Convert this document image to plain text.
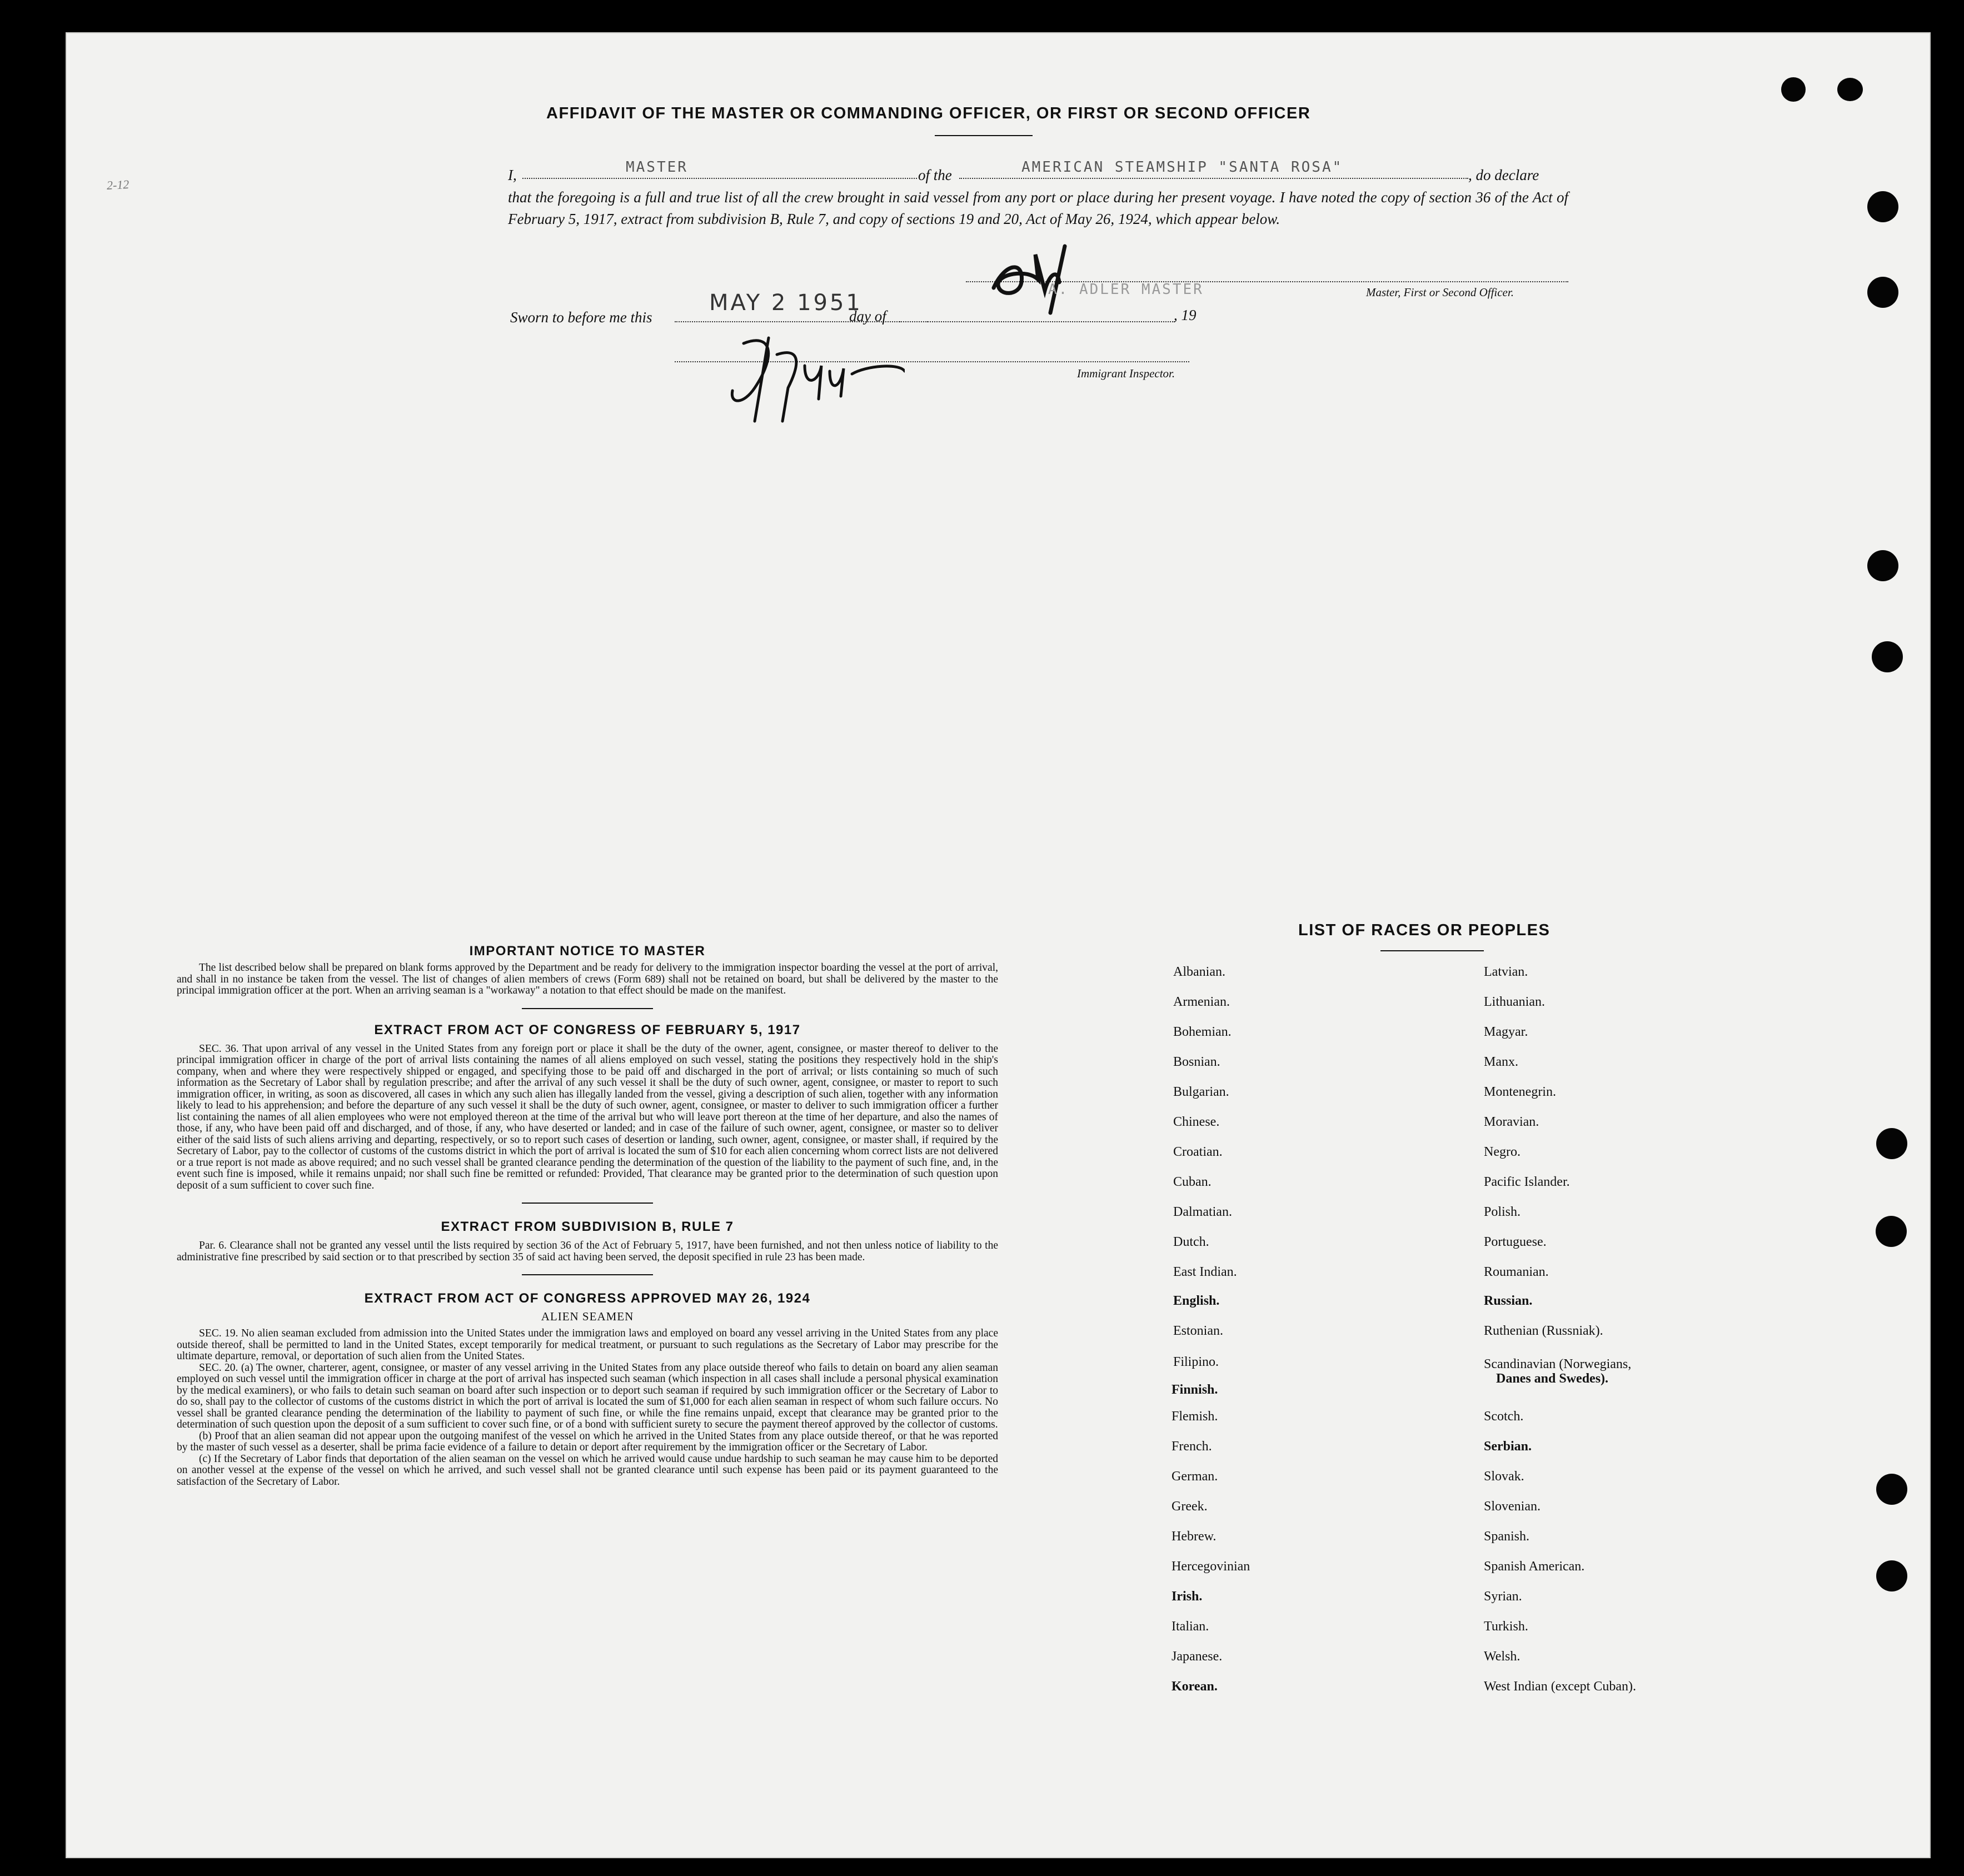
2-12
AFFIDAVIT OF THE MASTER OR COMMANDING OFFICER, OR FIRST OR SECOND OFFICER
I,	MASTER	of the	AMERICAN STEAMSHIP "SANTA ROSA"	, do declare
that the foregoing is a full and true list of all the crew brought in said vessel from any port or place during her present voyage. I have noted the copy of section 36 of the Act of February 5, 1917, extract from subdivision B, Rule 7, and copy of sections 19 and 20, Act of May 26, 1924, which appear below.
A. ADLER MASTER	Master, First or Second Officer.
Sworn to before me this
MAY 2 1951
day of	, 19
Immigrant Inspector.

IMPORTANT NOTICE TO MASTER

The list described below shall be prepared on blank forms approved by the Department and be ready for delivery to the immigration inspector boarding the vessel at the port of arrival, and shall in no instance be taken from the vessel. The list of changes of alien members of crews (Form 689) shall not be retained on board, but shall be delivered by the master to the principal immigration officer at the port. When an arriving seaman is a "workaway" a notation to that effect should be made on the manifest.

EXTRACT FROM ACT OF CONGRESS OF FEBRUARY 5, 1917

SEC. 36. That upon arrival of any vessel in the United States from any foreign port or place it shall be the duty of the owner, agent, consignee, or master thereof to deliver to the principal immigration officer in charge of the port of arrival lists containing the names of all aliens employed on such vessel, stating the positions they respectively hold in the ship's company, when and where they were respectively shipped or engaged, and specifying those to be paid off and discharged in the port of arrival; or lists containing so much of such information as the Secretary of Labor shall by regulation prescribe; and after the arrival of any such vessel it shall be the duty of such owner, agent, consignee, or master to report to such immigration officer, in writing, as soon as discovered, all cases in which any such alien has illegally landed from the vessel, giving a description of such alien, together with any information likely to lead to his apprehension; and before the departure of any such vessel it shall be the duty of such owner, agent, consignee, or master to deliver to such immigration officer a further list containing the names of all alien employees who were not employed thereon at the time of the arrival but who will leave port thereon at the time of her departure, and also the names of those, if any, who have been paid off and discharged, and of those, if any, who have deserted or landed; and in case of the failure of such owner, agent, consignee, or master so to deliver either of the said lists of such aliens arriving and departing, respectively, or so to report such cases of desertion or landing, such owner, agent, consignee, or master shall, if required by the Secretary of Labor, pay to the collector of customs of the customs district in which the port of arrival is located the sum of $10 for each alien concerning whom correct lists are not delivered or a true report is not made as above required; and no such vessel shall be granted clearance pending the determination of the question of the liability to the payment of such fine, and, in the event such fine is imposed, while it remains unpaid; nor shall such fine be remitted or refunded: Provided, That clearance may be granted prior to the determination of such question upon deposit of a sum sufficient to cover such fine.

EXTRACT FROM SUBDIVISION B, RULE 7

Par. 6. Clearance shall not be granted any vessel until the lists required by section 36 of the Act of February 5, 1917, have been furnished, and not then unless notice of liability to the administrative fine prescribed by said section or to that prescribed by section 35 of said act having been served, the deposit specified in rule 23 has been made.

EXTRACT FROM ACT OF CONGRESS APPROVED MAY 26, 1924

ALIEN SEAMEN

SEC. 19. No alien seaman excluded from admission into the United States under the immigration laws and employed on board any vessel arriving in the United States from any place outside thereof, shall be permitted to land in the United States, except temporarily for medical treatment, or pursuant to such regulations as the Secretary of Labor may prescribe for the ultimate departure, removal, or deportation of such alien from the United States.

SEC. 20. (a) The owner, charterer, agent, consignee, or master of any vessel arriving in the United States from any place outside thereof who fails to detain on board any alien seaman employed on such vessel until the immigration officer in charge at the port of arrival has inspected such seaman (which inspection in all cases shall include a personal physical examination by the medical examiners), or who fails to detain such seaman on board after such inspection or to deport such seaman if required by such immigration officer or the Secretary of Labor to do so, shall pay to the collector of customs of the customs district in which the port of arrival is located the sum of $1,000 for each alien seaman in respect of whom such failure occurs. No vessel shall be granted clearance pending the determination of the liability to payment of such fine, or while the fine remains unpaid, except that clearance may be granted prior to the determination of such question upon the deposit of a sum sufficient to cover such fine, or of a bond with sufficient surety to secure the payment thereof approved by the collector of customs.

(b) Proof that an alien seaman did not appear upon the outgoing manifest of the vessel on which he arrived in the United States from any place outside thereof, or that he was reported by the master of such vessel as a deserter, shall be prima facie evidence of a failure to detain or deport after requirement by the immigration officer or the Secretary of Labor.

(c) If the Secretary of Labor finds that deportation of the alien seaman on the vessel on which he arrived would cause undue hardship to such seaman he may cause him to be deported on another vessel at the expense of the vessel on which he arrived, and such vessel shall not be granted clearance until such expense has been paid or its payment guaranteed to the satisfaction of the Secretary of Labor.

LIST OF RACES OR PEOPLES
Albanian.
Armenian.
Bohemian.
Bosnian.
Bulgarian.
Chinese.
Croatian.
Cuban.
Dalmatian.
Dutch.
East Indian.
English.
Estonian.
Filipino.
Finnish.
Flemish.
French.
German.
Greek.
Hebrew.
Hercegovinian
Irish.
Italian.
Japanese.
Korean.
Latvian.
Lithuanian.
Magyar.
Manx.
Montenegrin.
Moravian.
Negro.
Pacific Islander.
Polish.
Portuguese.
Roumanian.
Russian.
Ruthenian (Russniak).
Scandinavian (Norwegians,
Danes and Swedes).
Scotch.
Serbian.
Slovak.
Slovenian.
Spanish.
Spanish American.
Syrian.
Turkish.
Welsh.
West Indian (except Cuban).
